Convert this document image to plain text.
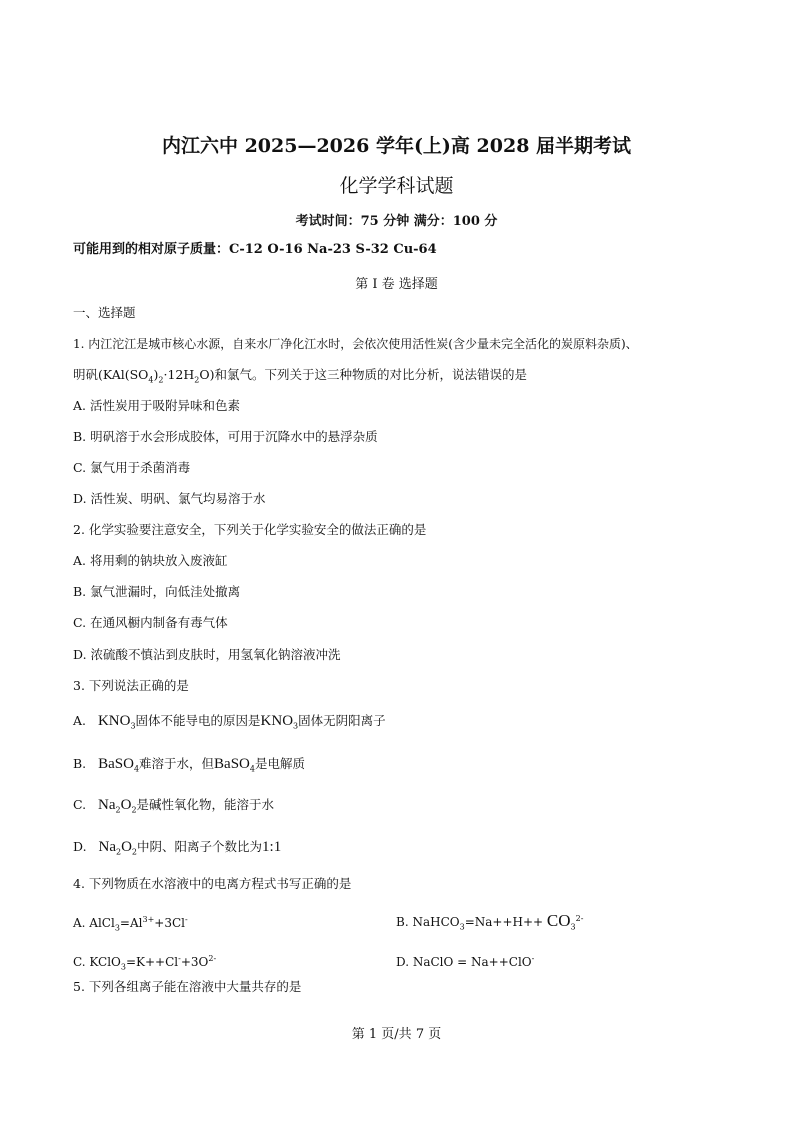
内江六中 2025—2026 学年(上)高 2028 届半期考试
化学学科试题
考试时间：75 分钟 满分：100 分
可能用到的相对原子质量：C-12 O-16 Na-23 S-32 Cu-64
第 I 卷 选择题
一、选择题
1. 内江沱江是城市核心水源，自来水厂净化江水时，会依次使用活性炭(含少量未完全活化的炭原料杂质)、
明矾$(KAl(SO_4)_2\cdot 12H_2O)$和氯气。下列关于这三种物质的对比分析，说法错误的是
A. 活性炭用于吸附异味和色素
B. 明矾溶于水会形成胶体，可用于沉降水中的悬浮杂质
C. 氯气用于杀菌消毒
D. 活性炭、明矾、氯气均易溶于水
2. 化学实验要注意安全，下列关于化学实验安全的做法正确的是
A. 将用剩的钠块放入废液缸
B. 氯气泄漏时，向低洼处撤离
C. 在通风橱内制备有毒气体
D. 浓硫酸不慎沾到皮肤时，用氢氧化钠溶液冲洗
3. 下列说法正确的是
A. $KNO_3$固体不能导电的原因是$KNO_3$固体无阴阳离子
B. BaSO$_4$难溶于水，但BaSO$_4$是电解质
C. $Na_2O_2$是碱性氧化物，能溶于水
D. $Na_2O_2$中阴、阳离子个数比为1:1
4. 下列物质在水溶液中的电离方程式书写正确的是
A. $AlCl_3=Al^{3+}+3Cl^-$	B. NaHCO$_3$=Na++H++ $CO_3^{2-}$
C. $KClO_3=K++Cl^-+3O^{2-}$	D. NaClO = Na++ClO-
5. 下列各组离子能在溶液中大量共存的是
第 1 页/共 7 页
